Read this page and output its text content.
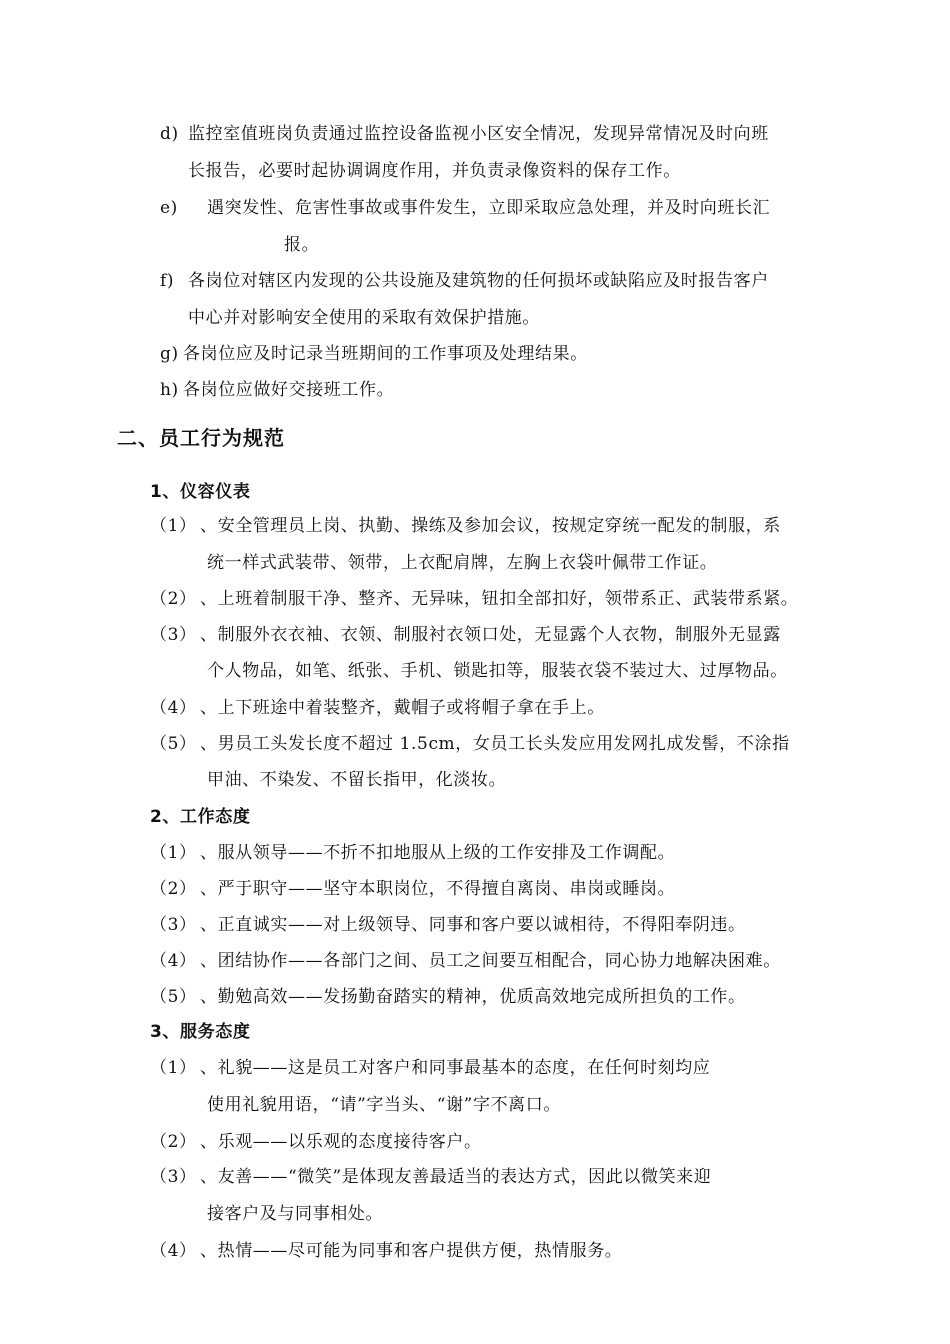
d) 监控室值班岗负责通过监控设备监视小区安全情况，发现异常情况及时向班
长报告，必要时起协调调度作用，并负责录像资料的保存工作。
e) 遇突发性、危害性事故或事件发生，立即采取应急处理，并及时向班长汇
报。
f) 各岗位对辖区内发现的公共设施及建筑物的任何损坏或缺陷应及时报告客户
中心并对影响安全使用的采取有效保护措施。
g) 各岗位应及时记录当班期间的工作事项及处理结果。
h) 各岗位应做好交接班工作。
二、员工行为规范
1、仪容仪表
（1） 、安全管理员上岗、执勤、操练及参加会议，按规定穿统一配发的制服，系
统一样式武装带、领带，上衣配肩牌，左胸上衣袋叶佩带工作证。
（2） 、上班着制服干净、整齐、无异味，钮扣全部扣好，领带系正、武装带系紧。
（3） 、制服外衣衣袖、衣领、制服衬衣领口处，无显露个人衣物，制服外无显露
个人物品，如笔、纸张、手机、锁匙扣等，服装衣袋不装过大、过厚物品。
（4） 、上下班途中着装整齐，戴帽子或将帽子拿在手上。
（5） 、男员工头发长度不超过 1.5cm，女员工长头发应用发网扎成发髻，不涂指
甲油、不染发、不留长指甲，化淡妆。
2、工作态度
（1） 、服从领导——不折不扣地服从上级的工作安排及工作调配。
（2） 、严于职守——坚守本职岗位，不得擅自离岗、串岗或睡岗。
（3） 、正直诚实——对上级领导、同事和客户要以诚相待，不得阳奉阴违。
（4） 、团结协作——各部门之间、员工之间要互相配合，同心协力地解决困难。
（5） 、勤勉高效——发扬勤奋踏实的精神，优质高效地完成所担负的工作。
3、服务态度
（1） 、礼貌——这是员工对客户和同事最基本的态度，在任何时刻均应
使用礼貌用语，“请”字当头、“谢”字不离口。
（2） 、乐观——以乐观的态度接待客户。
（3） 、友善——“微笑”是体现友善最适当的表达方式，因此以微笑来迎
接客户及与同事相处。
（4） 、热情——尽可能为同事和客户提供方便，热情服务。
